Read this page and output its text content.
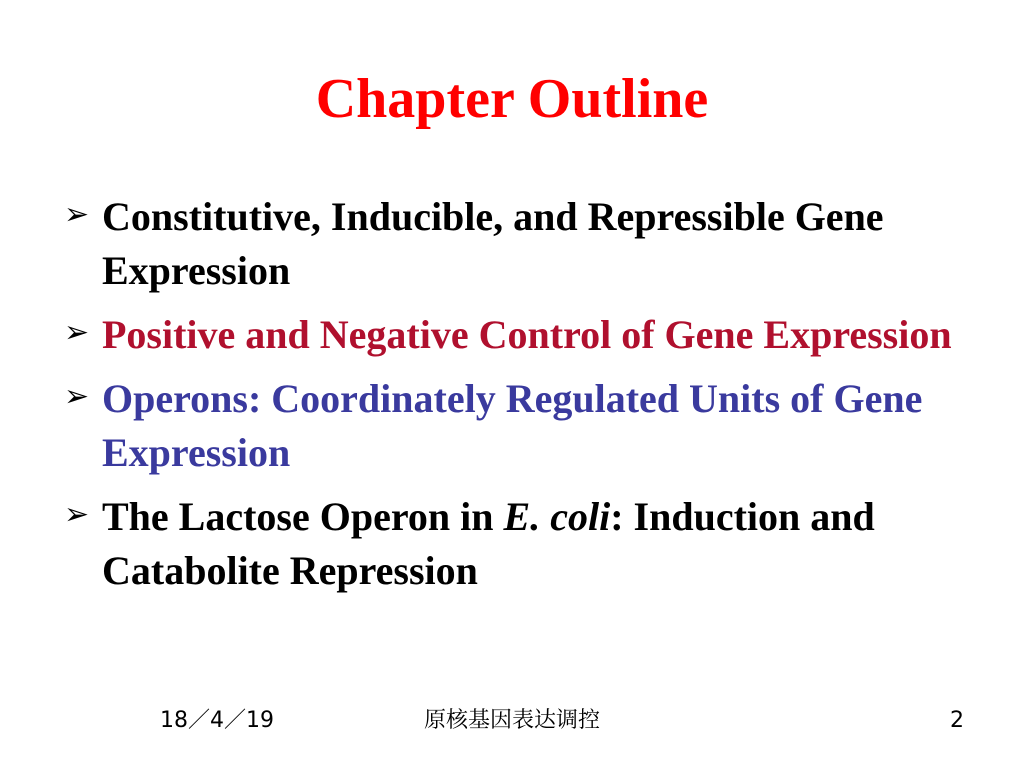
Chapter Outline
➢ Constitutive, Inducible, and Repressible Gene Expression
➢ Positive and Negative Control of Gene Expression
➢ Operons: Coordinately Regulated Units of Gene Expression
➢ The Lactose Operon in E. coli: Induction and Catabolite Repression
18／4／19	原核基因表达调控	2
